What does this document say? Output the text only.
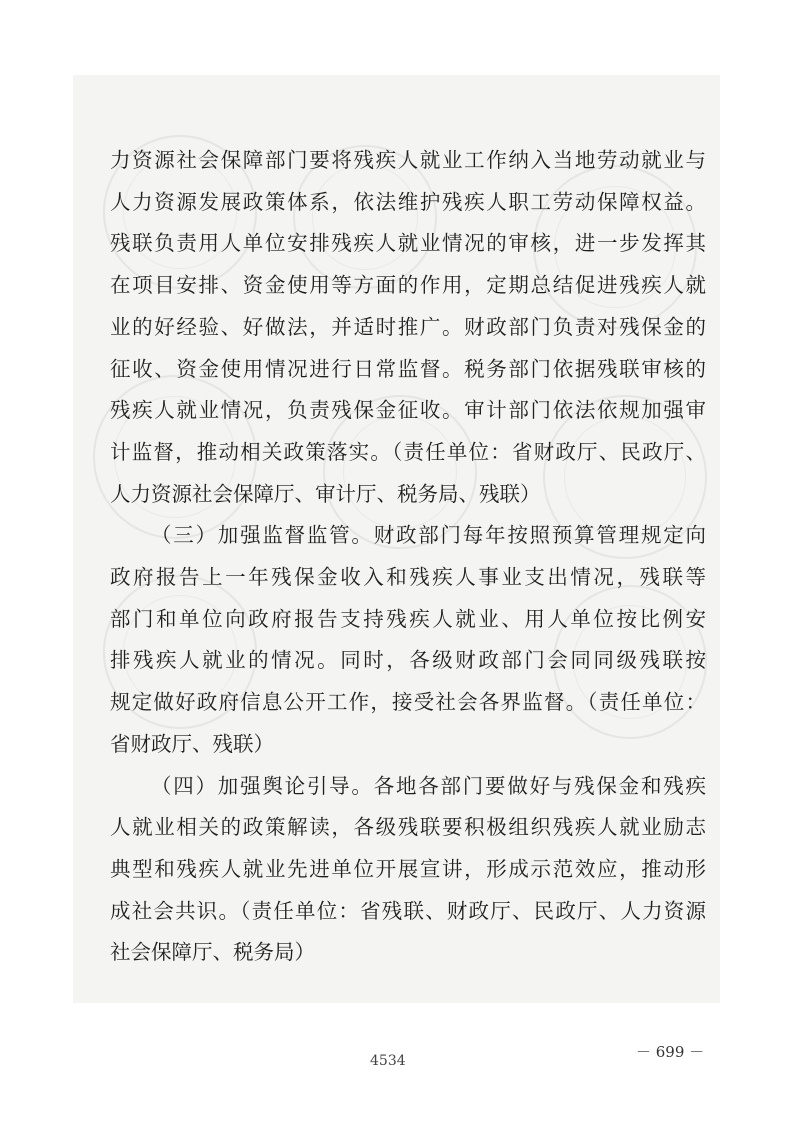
力资源社会保障部门要将残疾人就业工作纳入当地劳动就业与

人力资源发展政策体系，依法维护残疾人职工劳动保障权益。

残联负责用人单位安排残疾人就业情况的审核，进一步发挥其

在项目安排、资金使用等方面的作用，定期总结促进残疾人就

业的好经验、好做法，并适时推广。财政部门负责对残保金的

征收、资金使用情况进行日常监督。税务部门依据残联审核的

残疾人就业情况，负责残保金征收。审计部门依法依规加强审

计监督，推动相关政策落实。（责任单位：省财政厅、民政厅、

人力资源社会保障厅、审计厅、税务局、残联）

（三）加强监督监管。财政部门每年按照预算管理规定向

政府报告上一年残保金收入和残疾人事业支出情况，残联等

部门和单位向政府报告支持残疾人就业、用人单位按比例安

排残疾人就业的情况。同时，各级财政部门会同同级残联按

规定做好政府信息公开工作，接受社会各界监督。（责任单位：

省财政厅、残联）

（四）加强舆论引导。各地各部门要做好与残保金和残疾

人就业相关的政策解读，各级残联要积极组织残疾人就业励志

典型和残疾人就业先进单位开展宣讲，形成示范效应，推动形

成社会共识。（责任单位：省残联、财政厅、民政厅、人力资源

社会保障厅、税务局）

－ 699 －
4534
